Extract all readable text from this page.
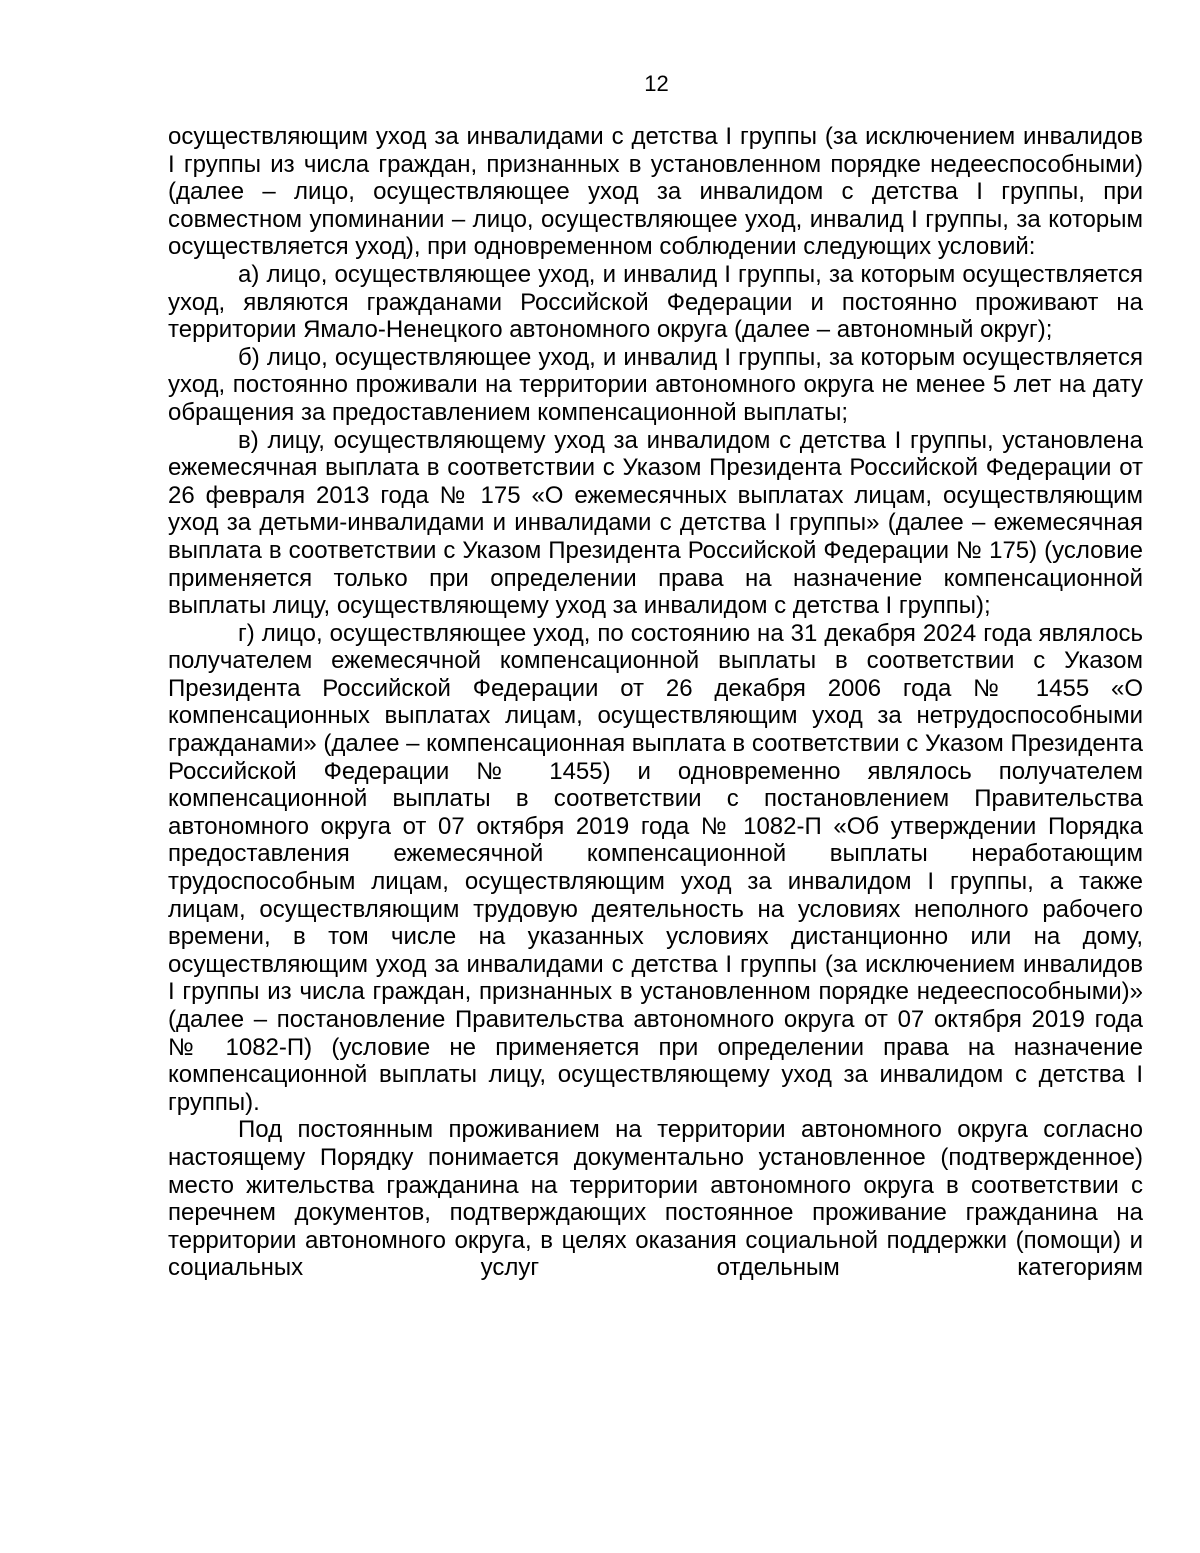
12

осуществляющим уход за инвалидами с детства I группы (за исключением инвалидов I группы из числа граждан, признанных в установленном порядке недееспособными) (далее – лицо, осуществляющее уход за инвалидом с детства I группы, при совместном упоминании – лицо, осуществляющее уход, инвалид I группы, за которым осуществляется уход), при одновременном соблюдении следующих условий:

а) лицо, осуществляющее уход, и инвалид I группы, за которым осуществляется уход, являются гражданами Российской Федерации и постоянно проживают на территории Ямало-Ненецкого автономного округа (далее – автономный округ);

б) лицо, осуществляющее уход, и инвалид I группы, за которым осуществляется уход, постоянно проживали на территории автономного округа не менее 5 лет на дату обращения за предоставлением компенсационной выплаты;

в) лицу, осуществляющему уход за инвалидом с детства I группы, установлена ежемесячная выплата в соответствии с Указом Президента Российской Федерации от 26 февраля 2013 года № 175 «О ежемесячных выплатах лицам, осуществляющим уход за детьми-инвалидами и инвалидами с детства I группы» (далее – ежемесячная выплата в соответствии с Указом Президента Российской Федерации № 175) (условие применяется только при определении права на назначение компенсационной выплаты лицу, осуществляющему уход за инвалидом с детства I группы);

г) лицо, осуществляющее уход, по состоянию на 31 декабря 2024 года являлось получателем ежемесячной компенсационной выплаты в соответствии с Указом Президента Российской Федерации от 26 декабря 2006 года № 1455 «О компенсационных выплатах лицам, осуществляющим уход за нетрудоспособными гражданами» (далее – компенсационная выплата в соответствии с Указом Президента Российской Федерации № 1455) и одновременно являлось получателем компенсационной выплаты в соответствии с постановлением Правительства автономного округа от 07 октября 2019 года № 1082-П «Об утверждении Порядка предоставления ежемесячной компенсационной выплаты неработающим трудоспособным лицам, осуществляющим уход за инвалидом I группы, а также лицам, осуществляющим трудовую деятельность на условиях неполного рабочего времени, в том числе на указанных условиях дистанционно или на дому, осуществляющим уход за инвалидами с детства I группы (за исключением инвалидов I группы из числа граждан, признанных в установленном порядке недееспособными)» (далее – постановление Правительства автономного округа от 07 октября 2019 года № 1082-П) (условие не применяется при определении права на назначение компенсационной выплаты лицу, осуществляющему уход за инвалидом с детства I группы).

Под постоянным проживанием на территории автономного округа согласно настоящему Порядку понимается документально установленное (подтвержденное) место жительства гражданина на территории автономного округа в соответствии с перечнем документов, подтверждающих постоянное проживание гражданина на территории автономного округа, в целях оказания социальной поддержки (помощи) и социальных услуг отдельным категориям
